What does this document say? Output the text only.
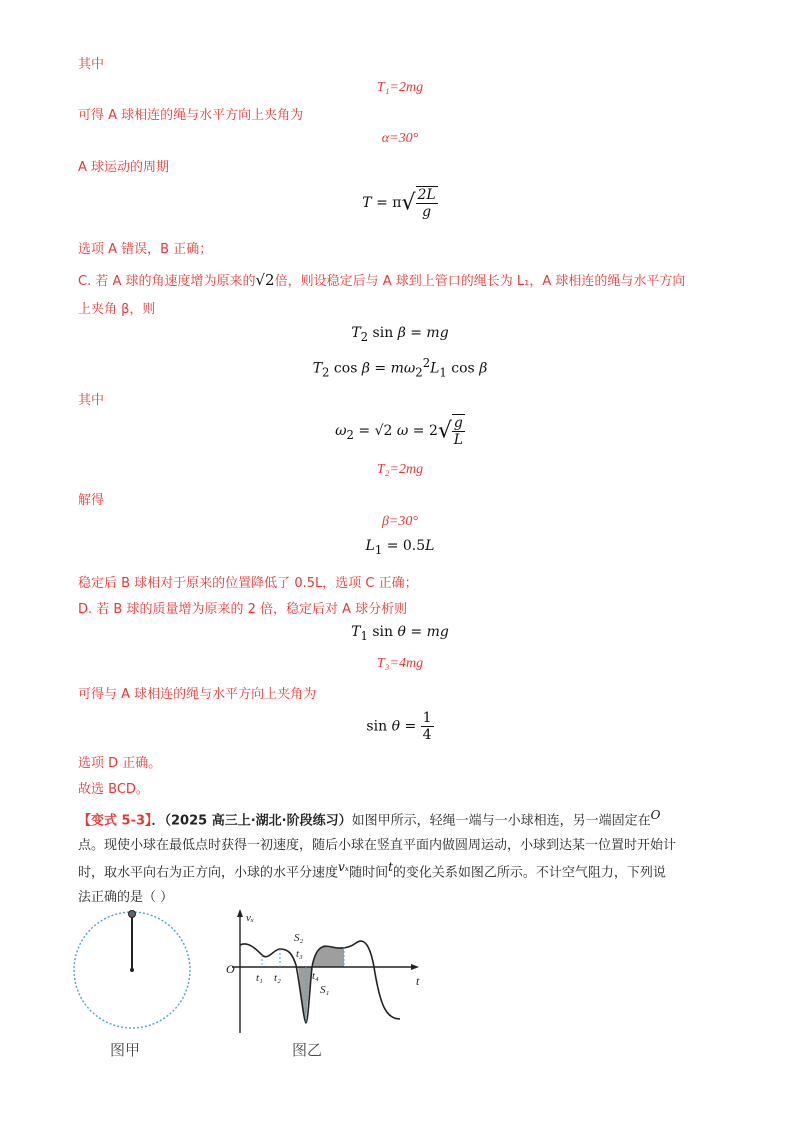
其中
T₁=2mg
可得 A 球相连的绳与水平方向上夹角为
α=30°
A 球运动的周期
$T = \pi√ \frac{2L}{g}$
选项 A 错误，B 正确；
C. 若 A 球的角速度增为原来的√2倍，则设稳定后与 A 球到上管口的绳长为 L₁，A 球相连的绳与水平方向
上夹角 β，则
$T_2$ sin β = mg
$T_2$ $\cos \beta = m\omega_2^2L_1$ cos β
其中
$\omega_2 = √2$ $\omega = 2√ \frac{g}{L}$
T₂=2mg
解得
β=30°
$L_1 = 0.5L$
稳定后 B 球相对于原来的位置降低了 0.5L，选项 C 正确；
D. 若 B 球的质量增为原来的 2 倍，稳定后对 A 球分析则
$T_1$ sin θ = mg
T₃=4mg
可得与 A 球相连的绳与水平方向上夹角为
$\sin \theta = \frac{1}{4}$
选项 D 正确。
故选 BCD。
【变式 5-3】．（2025 高三上·湖北·阶段练习）如图甲所示，轻绳一端与一小球相连，另一端固定在O
点。现使小球在最低点时获得一初速度，随后小球在竖直平面内做圆周运动，小球到达某一位置时开始计
时，取水平向右为正方向，小球的水平分速度vₓ随时间t的变化关系如图乙所示。不计空气阻力，下列说
法正确的是（ ）
图甲
vₓ
t
O
t₁ t₂
t₃
t₄
S₁
S₂
图乙
